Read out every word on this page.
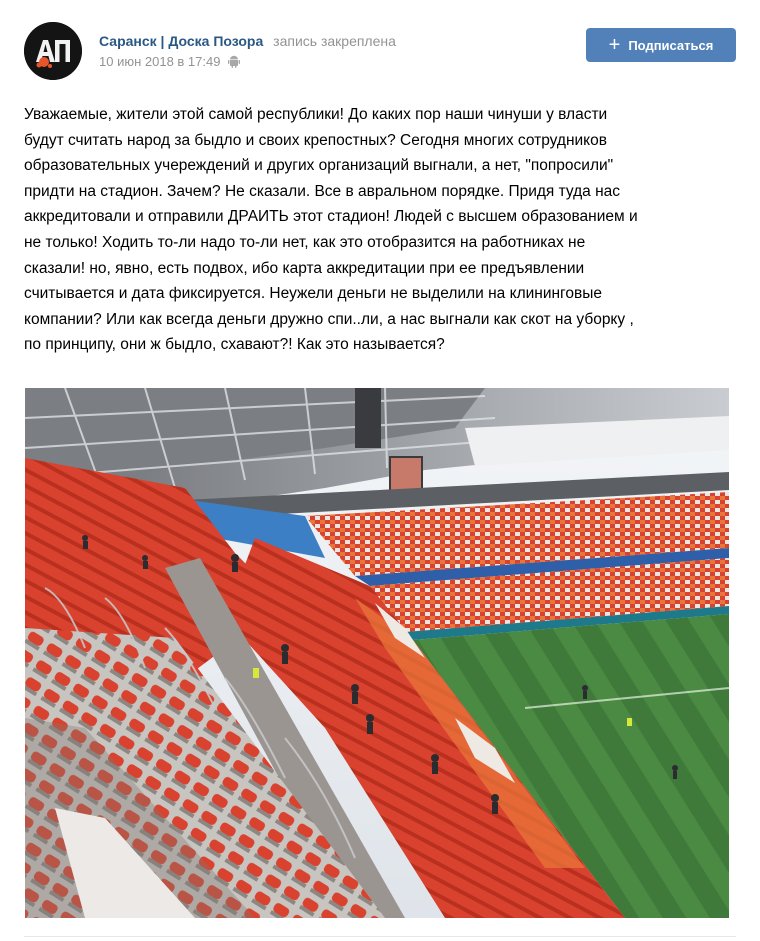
Саранск | Доска Позора запись закреплена
10 июн 2018 в 17:49
+ Подписаться

Уважаемые, жители этой самой республики! До каких пор наши чинуши у власти

будут считать народ за быдло и своих крепостных? Сегодня многих сотрудников

образовательных учереждений и других организаций выгнали, а нет, "попросили"

придти на стадион. Зачем? Не сказали. Все в авральном порядке. Придя туда нас

аккредитовали и отправили ДРАИТЬ этот стадион! Людей с высшем образованием и

не только! Ходить то-ли надо то-ли нет, как это отобразится на работниках не

сказали! но, явно, есть подвох, ибо карта аккредитации при ее предъявлении

считывается и дата фиксируется. Неужели деньги не выделили на клининговые

компании? Или как всегда деньги дружно спи..ли, а нас выгнали как скот на уборку ,

по принципу, они ж быдло, схавают?! Как это называется?
